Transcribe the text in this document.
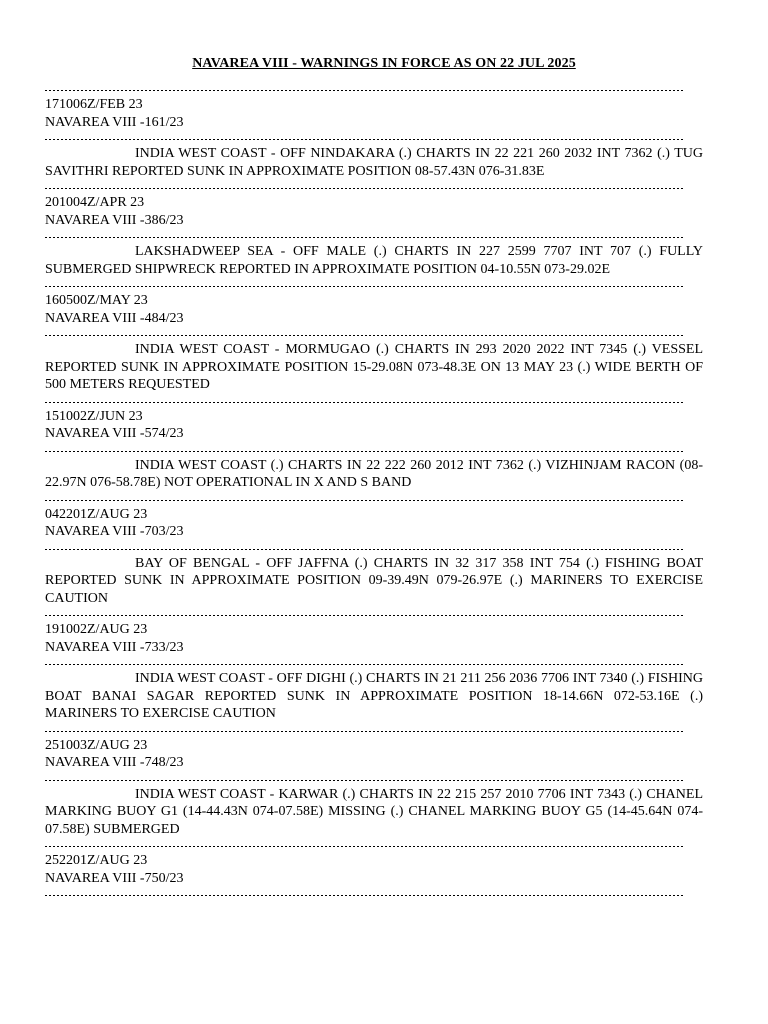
NAVAREA VIII - WARNINGS IN FORCE AS ON 22 JUL 2025
171006Z/FEB 23
NAVAREA VIII -161/23
INDIA WEST COAST - OFF NINDAKARA (.) CHARTS IN 22 221 260 2032 INT 7362 (.) TUG SAVITHRI REPORTED SUNK IN APPROXIMATE POSITION 08-57.43N 076-31.83E
201004Z/APR 23
NAVAREA VIII -386/23
LAKSHADWEEP SEA - OFF MALE (.) CHARTS IN 227 2599 7707 INT 707 (.) FULLY SUBMERGED SHIPWRECK REPORTED IN APPROXIMATE POSITION 04-10.55N 073-29.02E
160500Z/MAY 23
NAVAREA VIII -484/23
INDIA WEST COAST - MORMUGAO (.) CHARTS IN 293 2020 2022 INT 7345 (.) VESSEL REPORTED SUNK IN APPROXIMATE POSITION 15-29.08N 073-48.3E ON 13 MAY 23 (.) WIDE BERTH OF 500 METERS REQUESTED
151002Z/JUN 23
NAVAREA VIII -574/23
INDIA WEST COAST (.) CHARTS IN 22 222 260 2012 INT 7362 (.) VIZHINJAM RACON (08-22.97N 076-58.78E) NOT OPERATIONAL IN X AND S BAND
042201Z/AUG 23
NAVAREA VIII -703/23
BAY OF BENGAL - OFF JAFFNA (.) CHARTS IN 32 317 358 INT 754 (.) FISHING BOAT REPORTED SUNK IN APPROXIMATE POSITION 09-39.49N 079-26.97E (.) MARINERS TO EXERCISE CAUTION
191002Z/AUG 23
NAVAREA VIII -733/23
INDIA WEST COAST - OFF DIGHI (.) CHARTS IN 21 211 256 2036 7706 INT 7340 (.) FISHING BOAT BANAI SAGAR REPORTED SUNK IN APPROXIMATE POSITION 18-14.66N 072-53.16E (.) MARINERS TO EXERCISE CAUTION
251003Z/AUG 23
NAVAREA VIII -748/23
INDIA WEST COAST - KARWAR (.) CHARTS IN 22 215 257 2010 7706 INT 7343 (.) CHANEL MARKING BUOY G1 (14-44.43N 074-07.58E) MISSING (.) CHANEL MARKING BUOY G5 (14-45.64N 074-07.58E) SUBMERGED
252201Z/AUG 23
NAVAREA VIII -750/23
